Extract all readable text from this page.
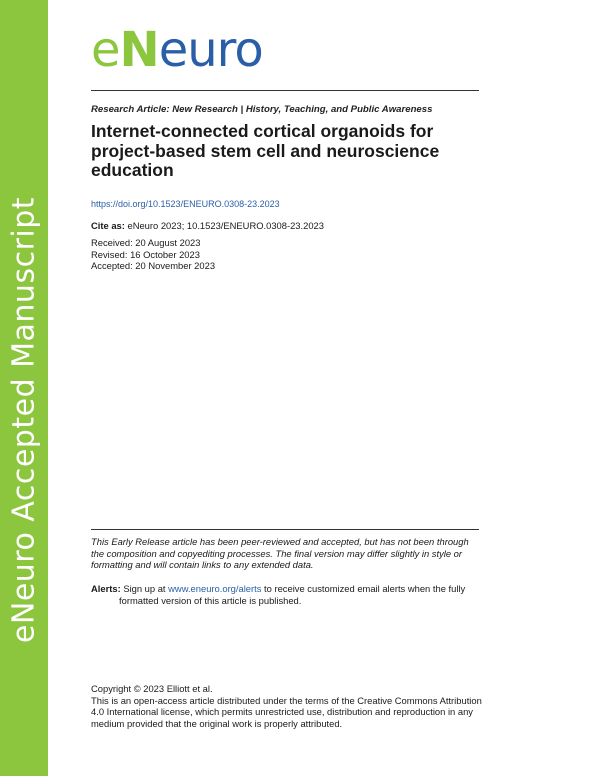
eNeuro Accepted Manuscript
eNeuro
Research Article: New Research | History, Teaching, and Public Awareness
Internet-connected cortical organoids for project-based stem cell and neuroscience education
https://doi.org/10.1523/ENEURO.0308-23.2023
Cite as: eNeuro 2023; 10.1523/ENEURO.0308-23.2023
Received: 20 August 2023
Revised: 16 October 2023
Accepted: 20 November 2023
This Early Release article has been peer-reviewed and accepted, but has not been through the composition and copyediting processes. The final version may differ slightly in style or formatting and will contain links to any extended data.
Alerts: Sign up at www.eneuro.org/alerts to receive customized email alerts when the fully
formatted version of this article is published.
Copyright © 2023 Elliott et al.
This is an open-access article distributed under the terms of the Creative Commons Attribution 4.0 International license, which permits unrestricted use, distribution and reproduction in any medium provided that the original work is properly attributed.
